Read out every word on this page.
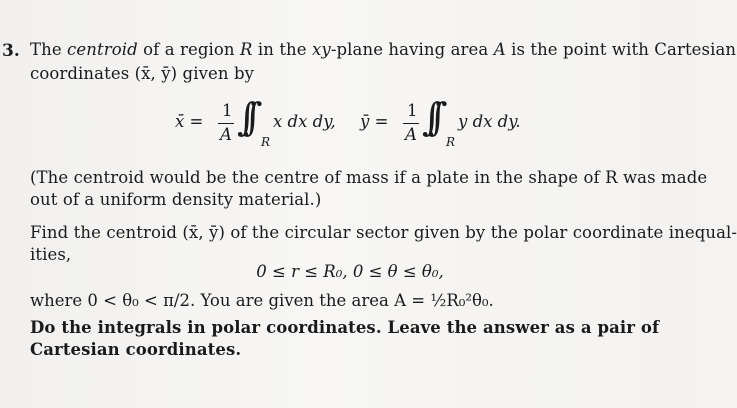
3. The centroid of a region R in the xy-plane having area A is the point with Cartesian
coordinates (x̄, ȳ) given by
x̄ =
1
A ∫∫
R
x dx dy, ȳ =
1
A ∫∫
R
y dx dy.
(The centroid would be the centre of mass if a plate in the shape of R was made
out of a uniform density material.)
Find the centroid (x̄, ȳ) of the circular sector given by the polar coordinate inequal-
ities,
0 ≤ r ≤ R₀, 0 ≤ θ ≤ θ₀,
where 0 < θ₀ < π/2. You are given the area A = ½R₀²θ₀.
Do the integrals in polar coordinates. Leave the answer as a pair of
Cartesian coordinates.
